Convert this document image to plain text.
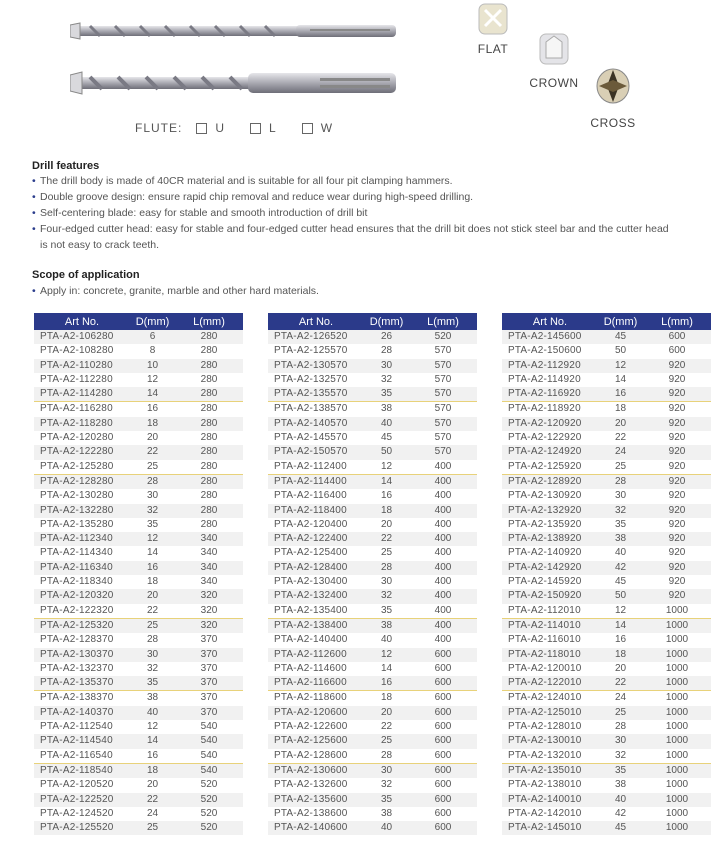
FLUTE:	U	L	W
FLAT
CROWN
CROSS
Drill features
• The drill body is made of 40CR material and is suitable for all four pit clamping hammers.
• Double groove design: ensure rapid chip removal and reduce wear during high-speed drilling.
• Self-centering blade: easy for stable and smooth introduction of drill bit
• Four-edged cutter head: easy for stable and four-edged cutter head ensures that the drill bit does not stick steel bar and the cutter head
is not easy to crack teeth.
Scope of application
• Apply in: concrete, granite, marble and other hard materials.
Art No.	D(mm)	L(mm)
PTA-A2-106280	6	280
PTA-A2-108280	8	280
PTA-A2-110280	10	280
PTA-A2-112280	12	280
PTA-A2-114280	14	280
PTA-A2-116280	16	280
PTA-A2-118280	18	280
PTA-A2-120280	20	280
PTA-A2-122280	22	280
PTA-A2-125280	25	280
PTA-A2-128280	28	280
PTA-A2-130280	30	280
PTA-A2-132280	32	280
PTA-A2-135280	35	280
PTA-A2-112340	12	340
PTA-A2-114340	14	340
PTA-A2-116340	16	340
PTA-A2-118340	18	340
PTA-A2-120320	20	320
PTA-A2-122320	22	320
PTA-A2-125320	25	320
PTA-A2-128370	28	370
PTA-A2-130370	30	370
PTA-A2-132370	32	370
PTA-A2-135370	35	370
PTA-A2-138370	38	370
PTA-A2-140370	40	370
PTA-A2-112540	12	540
PTA-A2-114540	14	540
PTA-A2-116540	16	540
PTA-A2-118540	18	540
PTA-A2-120520	20	520
PTA-A2-122520	22	520
PTA-A2-124520	24	520
PTA-A2-125520	25	520
Art No.	D(mm)	L(mm)
PTA-A2-126520	26	520
PTA-A2-125570	28	570
PTA-A2-130570	30	570
PTA-A2-132570	32	570
PTA-A2-135570	35	570
PTA-A2-138570	38	570
PTA-A2-140570	40	570
PTA-A2-145570	45	570
PTA-A2-150570	50	570
PTA-A2-112400	12	400
PTA-A2-114400	14	400
PTA-A2-116400	16	400
PTA-A2-118400	18	400
PTA-A2-120400	20	400
PTA-A2-122400	22	400
PTA-A2-125400	25	400
PTA-A2-128400	28	400
PTA-A2-130400	30	400
PTA-A2-132400	32	400
PTA-A2-135400	35	400
PTA-A2-138400	38	400
PTA-A2-140400	40	400
PTA-A2-112600	12	600
PTA-A2-114600	14	600
PTA-A2-116600	16	600
PTA-A2-118600	18	600
PTA-A2-120600	20	600
PTA-A2-122600	22	600
PTA-A2-125600	25	600
PTA-A2-128600	28	600
PTA-A2-130600	30	600
PTA-A2-132600	32	600
PTA-A2-135600	35	600
PTA-A2-138600	38	600
PTA-A2-140600	40	600
Art No.	D(mm)	L(mm)
PTA-A2-145600	45	600
PTA-A2-150600	50	600
PTA-A2-112920	12	920
PTA-A2-114920	14	920
PTA-A2-116920	16	920
PTA-A2-118920	18	920
PTA-A2-120920	20	920
PTA-A2-122920	22	920
PTA-A2-124920	24	920
PTA-A2-125920	25	920
PTA-A2-128920	28	920
PTA-A2-130920	30	920
PTA-A2-132920	32	920
PTA-A2-135920	35	920
PTA-A2-138920	38	920
PTA-A2-140920	40	920
PTA-A2-142920	42	920
PTA-A2-145920	45	920
PTA-A2-150920	50	920
PTA-A2-112010	12	1000
PTA-A2-114010	14	1000
PTA-A2-116010	16	1000
PTA-A2-118010	18	1000
PTA-A2-120010	20	1000
PTA-A2-122010	22	1000
PTA-A2-124010	24	1000
PTA-A2-125010	25	1000
PTA-A2-128010	28	1000
PTA-A2-130010	30	1000
PTA-A2-132010	32	1000
PTA-A2-135010	35	1000
PTA-A2-138010	38	1000
PTA-A2-140010	40	1000
PTA-A2-142010	42	1000
PTA-A2-145010	45	1000
